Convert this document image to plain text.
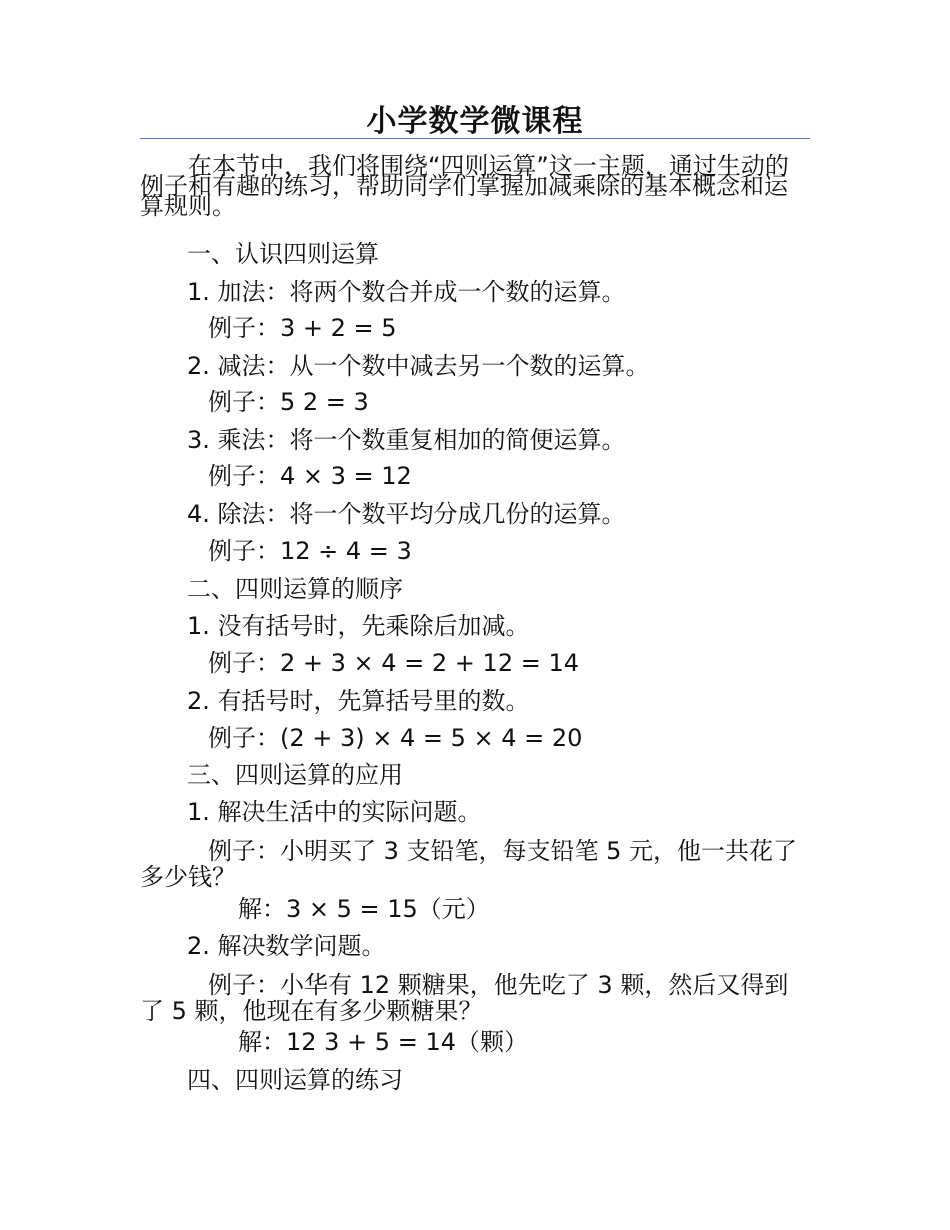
小学数学微课程

在本节中，我们将围绕“四则运算”这一主题，通过生动的例子和有趣的练习，帮助同学们掌握加减乘除的基本概念和运算规则。

一、认识四则运算
1. 加法：将两个数合并成一个数的运算。
例子：3 + 2 = 5
2. 减法：从一个数中减去另一个数的运算。
例子：5 2 = 3
3. 乘法：将一个数重复相加的简便运算。
例子：4 × 3 = 12
4. 除法：将一个数平均分成几份的运算。
例子：12 ÷ 4 = 3
二、四则运算的顺序
1. 没有括号时，先乘除后加减。
例子：2 + 3 × 4 = 2 + 12 = 14
2. 有括号时，先算括号里的数。
例子：(2 + 3) × 4 = 5 × 4 = 20
三、四则运算的应用
1. 解决生活中的实际问题。

例子：小明买了 3 支铅笔，每支铅笔 5 元，他一共花了多少钱？

解：3 × 5 = 15（元）
2. 解决数学问题。

例子：小华有 12 颗糖果，他先吃了 3 颗，然后又得到了 5 颗，他现在有多少颗糖果？

解：12 3 + 5 = 14（颗）
四、四则运算的练习
